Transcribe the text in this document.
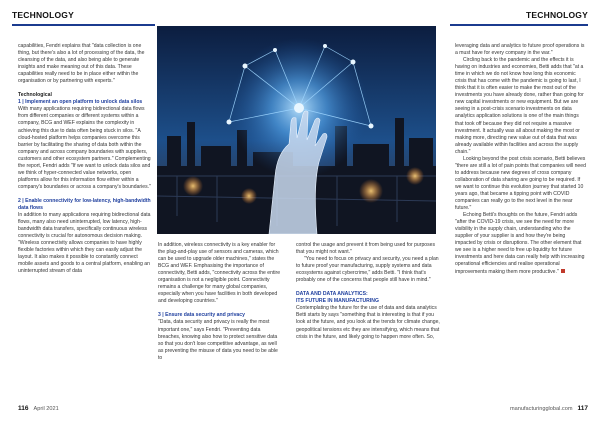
TECHNOLOGY	TECHNOLOGY

capabilities, Fendri explains that "data collection is one thing, but there's also a lot of processing of the data, the cleansing of the data, and also being able to generate insights and make meaning out of this data. These capabilities really need to be in place either within the organisation or by partnering with experts."

Technological

1 | Implement an open platform to unlock data silos

With many applications requiring bidirectional data flows from different companies or different systems within a company, BCG and WEF explains the complexity in achieving this due to data often being stuck in silos. "A cloud-hosted platform helps companies overcome this barrier by facilitating the sharing of data both within the company and across company boundaries with suppliers, customers and other ecosystem partners." Complementing the report, Fendri adds "If we want to unlock data silos and we think of hyper-connected value networks, open platforms allow for this information flow either within a company's boundaries or across a company's boundaries."

2 | Enable connectivity for low-latency, high-bandwidth data flows

In addition to many applications requiring bidirectional data flows, many also need uninterrupted, low latency, high-bandwidth data transfers, specifically continuous wireless connectivity is crucial for autonomous decision making. "Wireless connectivity allows companies to have highly flexible factories within which they can easily adjust the layout. It also makes it possible to constantly connect mobile assets and goods to a central platform, enabling an uninterrupted stream of data

In addition, wireless connectivity is a key enabler for the plug-and-play use of sensors and cameras, which can be used to upgrade older machines," states the BCG and WEF. Emphasising the importance of connectivity, Betti adds, "connectivity across the entire organisation is not a negligible point. Connectivity remains a challenge for many global companies, especially when you have facilities in both developed and developing countries."

3 | Ensure data security and privacy

"Data, data security and privacy is really the most important one," says Fendri. "Preventing data breaches, knowing also how to protect sensitive data so that you don't lose competitive advantage, as well as preventing the misuse of data you need to be able to

control the usage and prevent it from being used for purposes that you might not want."

"You need to focus on privacy and security, you need a plan to future proof your manufacturing, supply systems and data ecosystems against cybercrime," adds Betti. "I think that's probably one of the concerns that people still have in mind."

DATA AND DATA ANALYTICS:

ITS FUTURE IN MANUFACTURING

Contemplating the future for the use of data and data analytics Betti starts by says "something that is interesting is that if you look at the future, and you look at the trends for climate change, geopolitical tensions etc they are intensifying, which means that crisis in the future, and likely going to happen more often. So,

leveraging data and analytics to future proof operations is a must have for every company in the war."

Circling back to the pandemic and the effects it is having on industries and economies, Betti adds that "at a time in which we do not know how long this economic crisis that has come with the pandemic is going to last, I think that it is often easier to make the most out of the investments you have already done, rather than going for new capital investments or new equipment. But we are seeing in a post-crisis scenario investments on data analytics application solutions is one of the main things that took off because they did not require a massive investment. It actually was all about making the most or making more, directing new value out of data that was already available within facilities and across the supply chain."

Looking beyond the post crisis scenario, Betti believes "there are still a lot of pain points that companies will need to address because new degrees of cross company collaboration of data sharing are going to be required. If we want to continue this evolution journey that started 10 years ago, that became a tipping point with COVID companies can really go to the next level in the near future."

Echoing Betti's thoughts on the future, Fendri adds "after the COVID-19 crisis, we see the need for more visibility in the supply chain, understanding who the supplier of your supplier is and how they're being impacted by crisis or disruptions. The other element that we see is a higher need to free up liquidity for future investments and here data can really help with increasing operational efficiencies and realise operational improvements making them more productive."

116 April 2021	manufacturingglobal.com 117
